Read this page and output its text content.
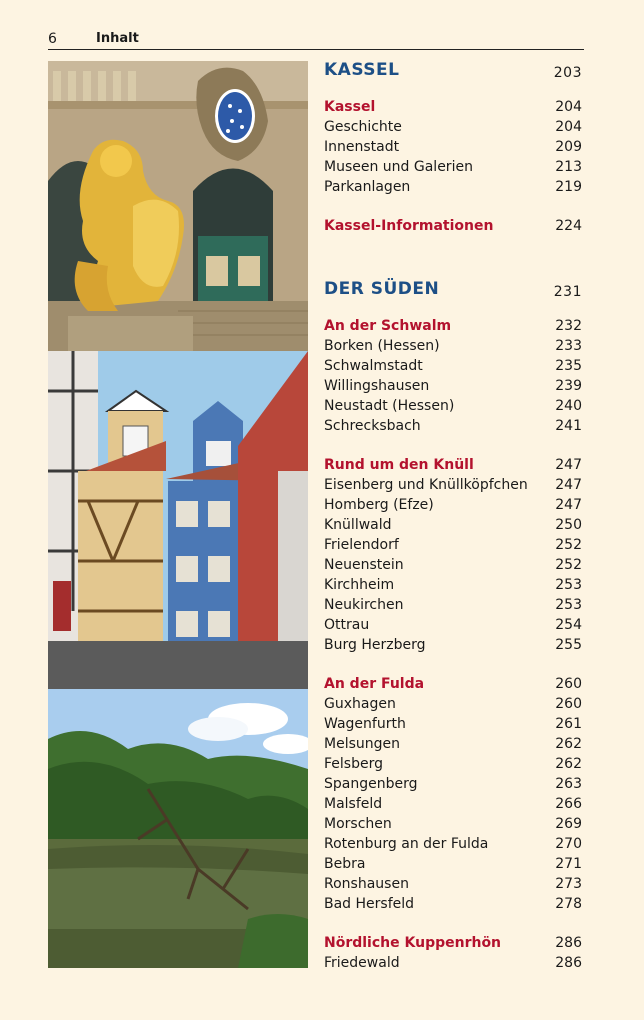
6	Inhalt
KASSEL	203
Kassel	204
Geschichte	204
Innenstadt	209
Museen und Galerien	213
Parkanlagen	219
Kassel-Informationen	224
DER SÜDEN	231
An der Schwalm	232
Borken (Hessen)	233
Schwalmstadt	235
Willingshausen	239
Neustadt (Hessen)	240
Schrecksbach	241
Rund um den Knüll	247
Eisenberg und Knüllköpfchen 247
Homberg (Efze)	247
Knüllwald	250
Frielendorf	252
Neuenstein	252
Kirchheim	253
Neukirchen	253
Ottrau	254
Burg Herzberg	255
An der Fulda	260
Guxhagen	260
Wagenfurth	261
Melsungen	262
Felsberg	262
Spangenberg	263
Malsfeld	266
Morschen	269
Rotenburg an der Fulda	270
Bebra	271
Ronshausen	273
Bad Hersfeld	278
Nördliche Kuppenrhön	286
Friedewald	286
